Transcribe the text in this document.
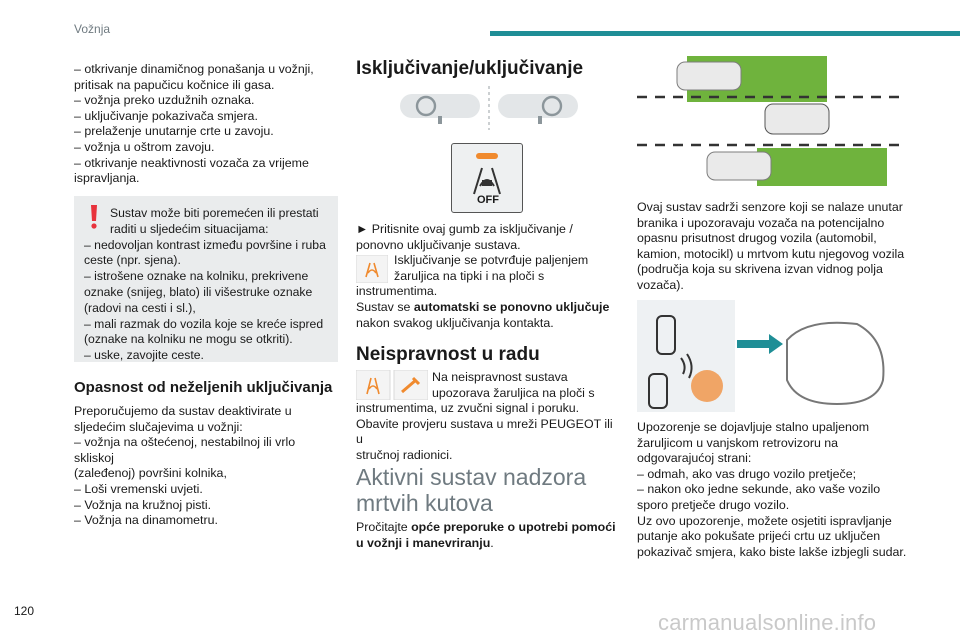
Vožnja

– otkrivanje dinamičnog ponašanja u vožnji,

pritisak na papučicu kočnice ili gasa.

– vožnja preko uzdužnih oznaka.

– uključivanje pokazivača smjera.

– prelaženje unutarnje crte u zavoju.

– vožnja u oštrom zavoju.

– otkrivanje neaktivnosti vozača za vrijeme

ispravljanja.

Sustav može biti poremećen ili prestati

raditi u sljedećim situacijama:

– nedovoljan kontrast između površine i ruba

ceste (npr. sjena).

– istrošene oznake na kolniku, prekrivene

oznake (snijeg, blato) ili višestruke oznake

(radovi na cesti i sl.),

– mali razmak do vozila koje se kreće ispred

(oznake na kolniku ne mogu se otkriti).

– uske, zavojite ceste.

Opasnost od neželjenih uključivanja

Preporučujemo da sustav deaktivirate u

sljedećim slučajevima u vožnji:

– vožnja na oštećenoj, nestabilnoj ili vrlo skliskoj

(zaleđenoj) površini kolnika,

– Loši vremenski uvjeti.

– Vožnja na kružnoj pisti.

– Vožnja na dinamometru.

Isključivanje/uključivanje
OFF

► Pritisnite ovaj gumb za isključivanje /

ponovno uključivanje sustava.

Isključivanje se potvrđuje paljenjem

žaruljica na tipki i na ploči s

instrumentima.

Sustav se automatski se ponovno uključuje

nakon svakog uključivanja kontakta.

Neispravnost u radu

Na neispravnost sustava

upozorava žaruljica na ploči s

instrumentima, uz zvučni signal i poruku.

Obavite provjeru sustava u mreži PEUGEOT ili u

stručnoj radionici.

Aktivni sustav nadzora
mrtvih kutova

Pročitajte opće preporuke o upotrebi pomoći

u vožnji i manevriranju.

Ovaj sustav sadrži senzore koji se nalaze unutar

branika i upozoravaju vozača na potencijalno

opasnu prisutnost drugog vozila (automobil,

kamion, motocikl) u mrtvom kutu njegovog vozila

(područja koja su skrivena izvan vidnog polja

vozača).

Upozorenje se dojavljuje stalno upaljenom

žaruljicom u vanjskom retrovizoru na

odgovarajućoj strani:

– odmah, ako vas drugo vozilo pretječe;

– nakon oko jedne sekunde, ako vaše vozilo

sporo pretječe drugo vozilo.

Uz ovo upozorenje, možete osjetiti ispravljanje

putanje ako pokušate prijeći crtu uz uključen

pokazivač smjera, kako biste lakše izbjegli sudar.

120	carmanualsonline.info
